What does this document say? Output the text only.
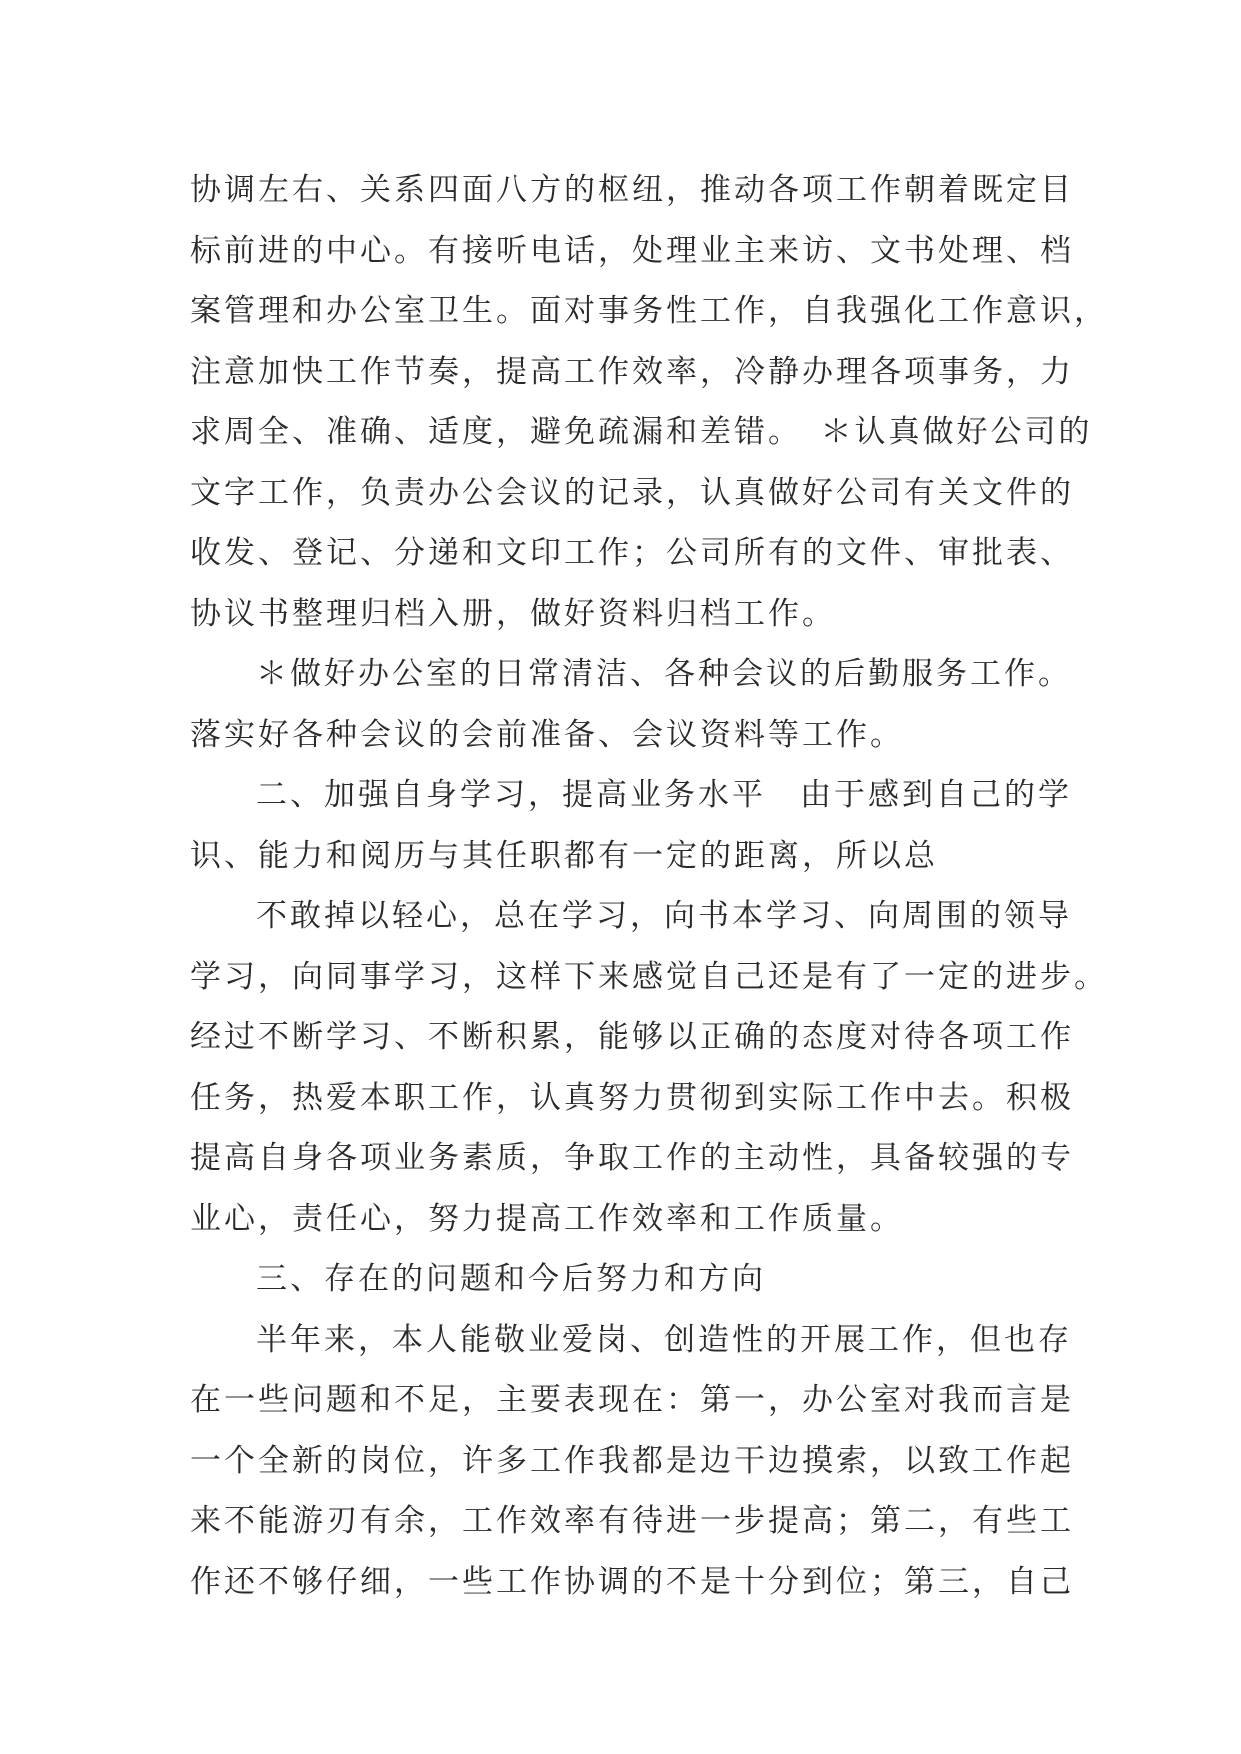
协调左右、关系四面八方的枢纽，推动各项工作朝着既定目
标前进的中心。有接听电话，处理业主来访、文书处理、档
案管理和办公室卫生。面对事务性工作，自我强化工作意识，
注意加快工作节奏，提高工作效率，冷静办理各项事务，力
求周全、准确、适度，避免疏漏和差错。　＊认真做好公司的
文字工作，负责办公会议的记录，认真做好公司有关文件的
收发、登记、分递和文印工作；公司所有的文件、审批表、
协议书整理归档入册，做好资料归档工作。
＊做好办公室的日常清洁、各种会议的后勤服务工作。
落实好各种会议的会前准备、会议资料等工作。
二、加强自身学习，提高业务水平　由于感到自己的学
识、能力和阅历与其任职都有一定的距离，所以总
不敢掉以轻心，总在学习，向书本学习、向周围的领导
学习，向同事学习，这样下来感觉自己还是有了一定的进步。
经过不断学习、不断积累，能够以正确的态度对待各项工作
任务，热爱本职工作，认真努力贯彻到实际工作中去。积极
提高自身各项业务素质，争取工作的主动性，具备较强的专
业心，责任心，努力提高工作效率和工作质量。
三、存在的问题和今后努力和方向
半年来，本人能敬业爱岗、创造性的开展工作，但也存
在一些问题和不足，主要表现在：第一，办公室对我而言是
一个全新的岗位，许多工作我都是边干边摸索，以致工作起
来不能游刃有余，工作效率有待进一步提高；第二，有些工
作还不够仔细，一些工作协调的不是十分到位；第三，自己
